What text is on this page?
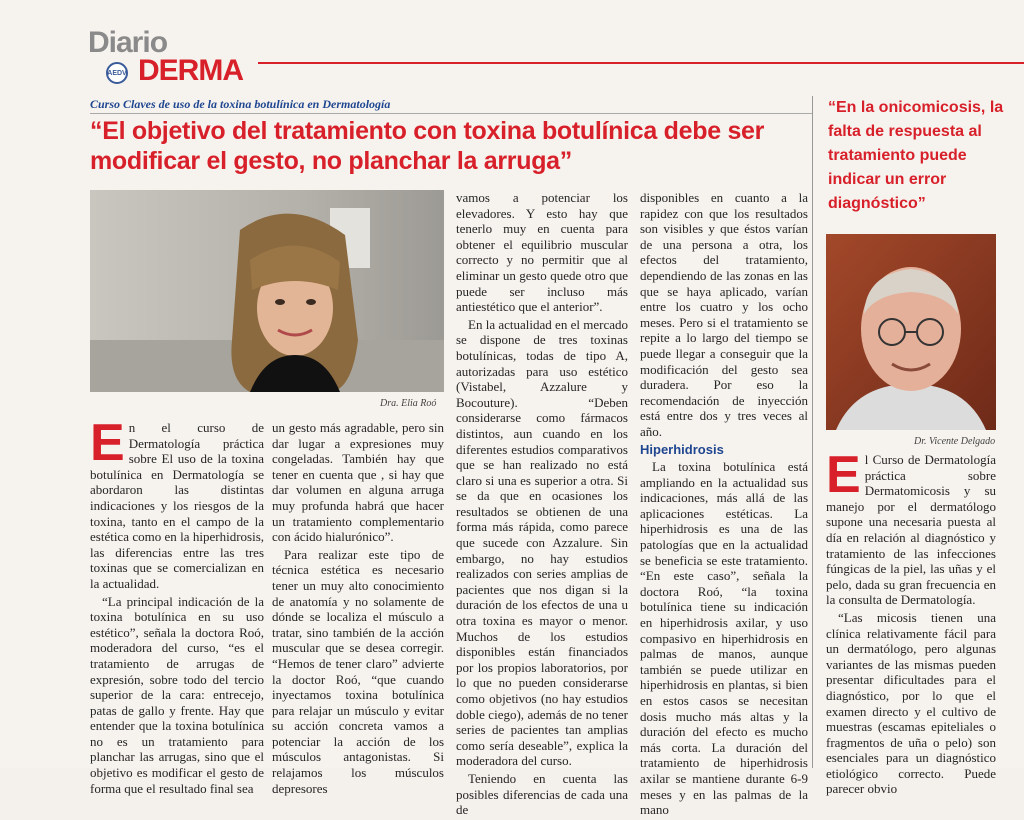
Diario
AEDV DERMA
Curso Claves de uso de la toxina botulínica en Dermatología
“El objetivo del tratamiento con toxina botulínica debe ser modificar el gesto, no planchar la arruga”
Dra. Elia Roó

En el curso de Dermatología práctica sobre El uso de la toxina botulínica en Dermatología se abordaron las distintas indicaciones y los riesgos de la toxina, tanto en el campo de la estética como en la hiperhidrosis, las diferencias entre las tres toxinas que se comercializan en la actualidad.

“La principal indicación de la toxina botulínica en su uso estético”, señala la doctora Roó, moderadora del curso, “es el tratamiento de arrugas de expresión, sobre todo del tercio superior de la cara: entrecejo, patas de gallo y frente. Hay que entender que la toxina botulínica no es un tratamiento para planchar las arrugas, sino que el objetivo es modificar el gesto de forma que el resultado final sea

un gesto más agradable, pero sin dar lugar a expresiones muy congeladas. También hay que tener en cuenta que , si hay que dar volumen en alguna arruga muy profunda habrá que hacer un tratamiento complementario con ácido hialurónico”.

Para realizar este tipo de técnica estética es necesario tener un muy alto conocimiento de anatomía y no solamente de dónde se localiza el músculo a tratar, sino también de la acción muscular que se desea corregir. “Hemos de tener claro” advierte la doctor Roó, “que cuando inyectamos toxina botulínica para relajar un músculo y evitar su acción concreta vamos a potenciar la acción de los músculos antagonistas. Si relajamos los músculos depresores

vamos a potenciar los elevadores. Y esto hay que tenerlo muy en cuenta para obtener el equilibrio muscular correcto y no permitir que al eliminar un gesto quede otro que puede ser incluso más antiestético que el anterior”.

En la actualidad en el mercado se dispone de tres toxinas botulínicas, todas de tipo A, autorizadas para uso estético (Vistabel, Azzalure y Bocouture). “Deben considerarse como fármacos distintos, aun cuando en los diferentes estudios comparativos que se han realizado no está claro si una es superior a otra. Si se da que en ocasiones los resultados se obtienen de una forma más rápida, como parece que sucede con Azzalure. Sin embargo, no hay estudios realizados con series amplias de pacientes que nos digan si la duración de los efectos de una u otra toxina es mayor o menor. Muchos de los estudios disponibles están financiados por los propios laboratorios, por lo que no pueden considerarse como objetivos (no hay estudios doble ciego), además de no tener series de pacientes tan amplias como sería deseable”, explica la moderadora del curso.

Teniendo en cuenta las posibles diferencias de cada una de

disponibles en cuanto a la rapidez con que los resultados son visibles y que éstos varían de una persona a otra, los efectos del tratamiento, dependiendo de las zonas en las que se haya aplicado, varían entre los cuatro y los ocho meses. Pero si el tratamiento se repite a lo largo del tiempo se puede llegar a conseguir que la modificación del gesto sea duradera. Por eso la recomendación de inyección está entre dos y tres veces al año.

Hiperhidrosis

La toxina botulínica está ampliando en la actualidad sus indicaciones, más allá de las aplicaciones estéticas. La hiperhidrosis es una de las patologías que en la actualidad se beneficia se este tratamiento. “En este caso”, señala la doctora Roó, “la toxina botulínica tiene su indicación en hiperhidrosis axilar, y uso compasivo en hiperhidrosis en palmas de manos, aunque también se puede utilizar en hiperhidrosis en plantas, si bien en estos casos se necesitan dosis mucho más altas y la duración del efecto es mucho más corta. La duración del tratamiento de hiperhidrosis axilar se mantiene durante 6-9 meses y en las palmas de la mano

“En la onicomicosis, la falta de respuesta al tratamiento puede indicar un error diagnóstico”
Dr. Vicente Delgado

El Curso de Dermatología práctica sobre Dermatomicosis y su manejo por el dermatólogo supone una necesaria puesta al día en relación al diagnóstico y tratamiento de las infecciones fúngicas de la piel, las uñas y el pelo, dada su gran frecuencia en la consulta de Dermatología.

“Las micosis tienen una clínica relativamente fácil para un dermatólogo, pero algunas variantes de las mismas pueden presentar dificultades para el diagnóstico, por lo que el examen directo y el cultivo de muestras (escamas epiteliales o fragmentos de uña o pelo) son esenciales para un diagnóstico etiológico correcto. Puede parecer obvio
